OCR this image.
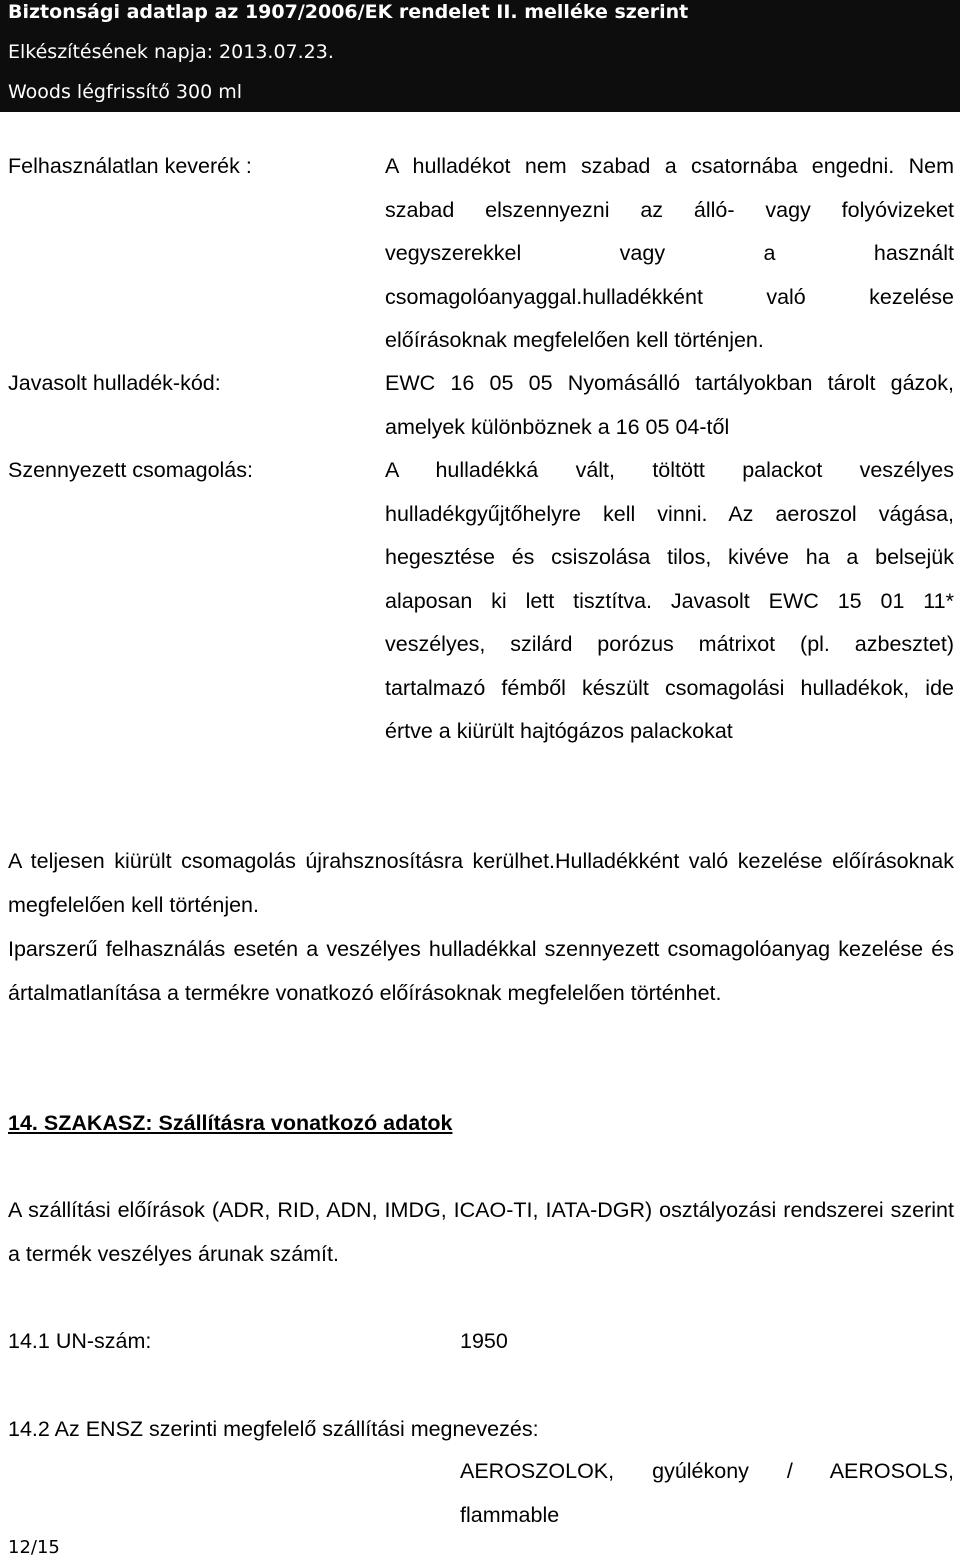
Biztonsági adatlap az 1907/2006/EK rendelet II. melléke szerint
Elkészítésének napja: 2013.07.23.
Woods légfrissítő 300 ml
Felhasználatlan keverék :	A hulladékot nem szabad a csatornába engedni. Nem szabad elszennyezni az álló- vagy folyóvizeket vegyszerekkel vagy a használt csomagolóanyaggal.hulladékként való kezelése előírásoknak megfelelően kell történjen.
Javasolt hulladék-kód:	EWC 16 05 05 Nyomásálló tartályokban tárolt gázok, amelyek különböznek a 16 05 04-től
Szennyezett csomagolás:	A hulladékká vált, töltött palackot veszélyes hulladékgyűjtőhelyre kell vinni. Az aeroszol vágása, hegesztése és csiszolása tilos, kivéve ha a belsejük alaposan ki lett tisztítva. Javasolt EWC 15 01 11* veszélyes, szilárd porózus mátrixot (pl. azbesztet) tartalmazó fémből készült csomagolási hulladékok, ide értve a kiürült hajtógázos palackokat
A teljesen kiürült csomagolás újrahsznosításra kerülhet.Hulladékként való kezelése előírásoknak megfelelően kell történjen.
Iparszerű felhasználás esetén a veszélyes hulladékkal szennyezett csomagolóanyag kezelése és ártalmatlanítása a termékre vonatkozó előírásoknak megfelelően történhet.
14. SZAKASZ: Szállításra vonatkozó adatok
A szállítási előírások (ADR, RID, ADN, IMDG, ICAO-TI, IATA-DGR) osztályozási rendszerei szerint a termék veszélyes árunak számít.
14.1 UN-szám:	1950
14.2 Az ENSZ szerinti megfelelő szállítási megnevezés:
AEROSZOLOK, gyúlékony / AEROSOLS, flammable
12/15
